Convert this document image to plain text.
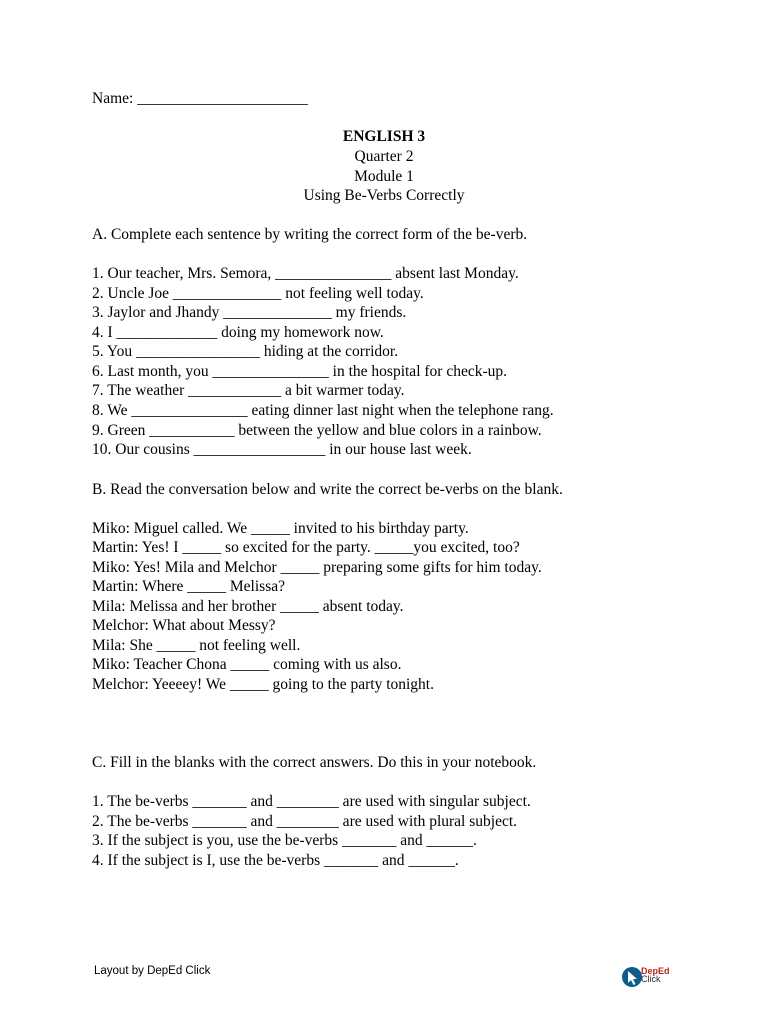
Name: ______________________

ENGLISH 3

Quarter 2

Module 1

Using Be-Verbs Correctly

A. Complete each sentence by writing the correct form of the be-verb.

1. Our teacher, Mrs. Semora, _______________ absent last Monday.

2. Uncle Joe ______________ not feeling well today.

3. Jaylor and Jhandy ______________ my friends.

4. I _____________ doing my homework now.

5. You ________________ hiding at the corridor.

6. Last month, you _______________ in the hospital for check-up.

7. The weather ____________ a bit warmer today.

8. We _______________ eating dinner last night when the telephone rang.

9. Green ___________ between the yellow and blue colors in a rainbow.

10. Our cousins _________________ in our house last week.

B. Read the conversation below and write the correct be-verbs on the blank.

Miko: Miguel called. We _____ invited to his birthday party.

Martin: Yes! I _____ so excited for the party. _____you excited, too?

Miko: Yes! Mila and Melchor _____ preparing some gifts for him today.

Martin: Where _____ Melissa?

Mila: Melissa and her brother _____ absent today.

Melchor: What about Messy?

Mila: She _____ not feeling well.

Miko: Teacher Chona _____ coming with us also.

Melchor: Yeeeey! We _____ going to the party tonight.

C. Fill in the blanks with the correct answers. Do this in your notebook.

1. The be-verbs _______ and ________ are used with singular subject.

2. The be-verbs _______ and ________ are used with plural subject.

3. If the subject is you, use the be-verbs _______ and ______.

4. If the subject is I, use the be-verbs _______ and ______.

Layout by DepEd Click	DepEd
Click
